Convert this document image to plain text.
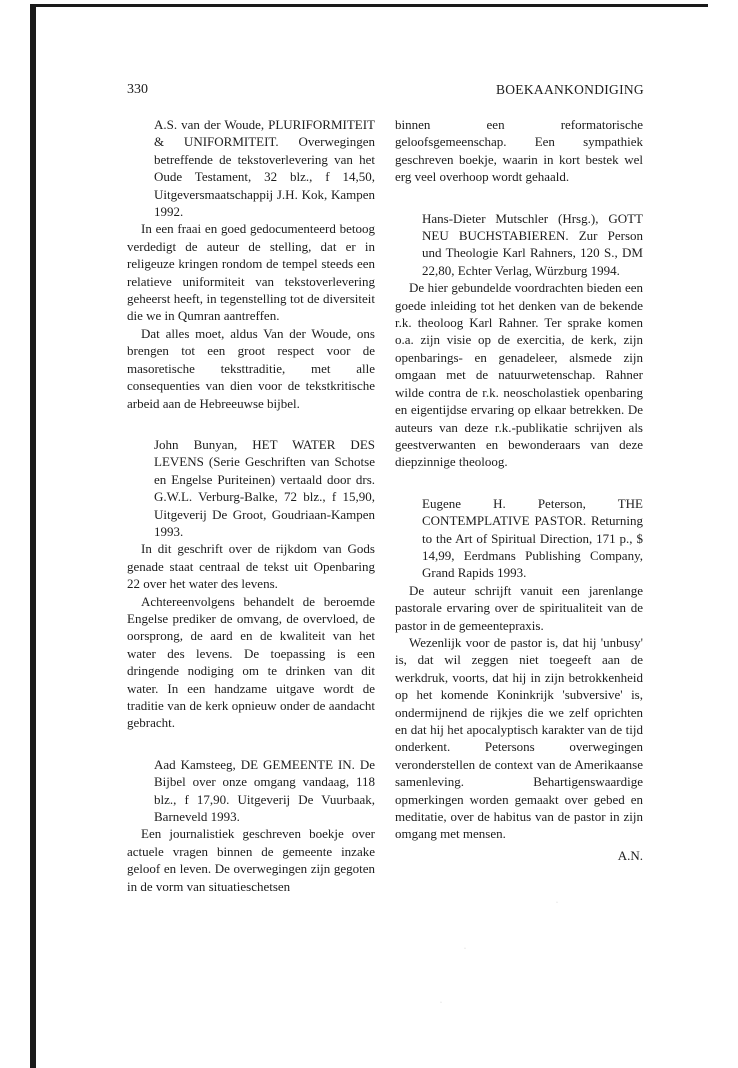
330	BOEKAANKONDIGING

A.S. van der Woude, PLURIFORMITEIT & UNIFORMITEIT. Overwegingen betreffende de tekstoverlevering van het Oude Testament, 32 blz., f 14,50, Uitgeversmaatschappij J.H. Kok, Kampen 1992.

In een fraai en goed gedocumenteerd betoog verdedigt de auteur de stelling, dat er in religeuze kringen rondom de tempel steeds een relatieve uniformiteit van tekstoverlevering geheerst heeft, in tegenstelling tot de diversiteit die we in Qumran aantreffen.

Dat alles moet, aldus Van der Woude, ons brengen tot een groot respect voor de masoretische teksttraditie, met alle consequenties van dien voor de tekstkritische arbeid aan de Hebreeuwse bijbel.

John Bunyan, HET WATER DES LEVENS (Serie Geschriften van Schotse en Engelse Puriteinen) vertaald door drs. G.W.L. Verburg-Balke, 72 blz., f 15,90, Uitgeverij De Groot, Goudriaan-Kampen 1993.

In dit geschrift over de rijkdom van Gods genade staat centraal de tekst uit Openbaring 22 over het water des levens.

Achtereenvolgens behandelt de beroemde Engelse prediker de omvang, de overvloed, de oorsprong, de aard en de kwaliteit van het water des levens. De toepassing is een dringende nodiging om te drinken van dit water. In een handzame uitgave wordt de traditie van de kerk opnieuw onder de aandacht gebracht.

Aad Kamsteeg, DE GEMEENTE IN. De Bijbel over onze omgang vandaag, 118 blz., f 17,90. Uitgeverij De Vuurbaak, Barneveld 1993.

Een journalistiek geschreven boekje over actuele vragen binnen de gemeente inzake geloof en leven. De overwegingen zijn gegoten in de vorm van situatieschetsen

binnen een reformatorische geloofsgemeenschap. Een sympathiek geschreven boekje, waarin in kort bestek wel erg veel overhoop wordt gehaald.

Hans-Dieter Mutschler (Hrsg.), GOTT NEU BUCHSTABIEREN. Zur Person und Theologie Karl Rahners, 120 S., DM 22,80, Echter Verlag, Würzburg 1994.

De hier gebundelde voordrachten bieden een goede inleiding tot het denken van de bekende r.k. theoloog Karl Rahner. Ter sprake komen o.a. zijn visie op de exercitia, de kerk, zijn openbarings- en genadeleer, alsmede zijn omgaan met de natuurwetenschap. Rahner wilde contra de r.k. neoscholastiek openbaring en eigentijdse ervaring op elkaar betrekken. De auteurs van deze r.k.-publikatie schrijven als geestverwanten en bewonderaars van deze diepzinnige theoloog.

Eugene H. Peterson, THE CONTEMPLATIVE PASTOR. Returning to the Art of Spiritual Direction, 171 p., $ 14,99, Eerdmans Publishing Company, Grand Rapids 1993.

De auteur schrijft vanuit een jarenlange pastorale ervaring over de spiritualiteit van de pastor in de gemeentepraxis.

Wezenlijk voor de pastor is, dat hij 'unbusy' is, dat wil zeggen niet toegeeft aan de werkdruk, voorts, dat hij in zijn betrokkenheid op het komende Koninkrijk 'subversive' is, ondermijnend de rijkjes die we zelf oprichten en dat hij het apocalyptisch karakter van de tijd onderkent. Petersons overwegingen veronderstellen de context van de Amerikaanse samenleving. Behartigenswaardige opmerkingen worden gemaakt over gebed en meditatie, over de habitus van de pastor in zijn omgang met mensen.

A.N.
·
·
·
